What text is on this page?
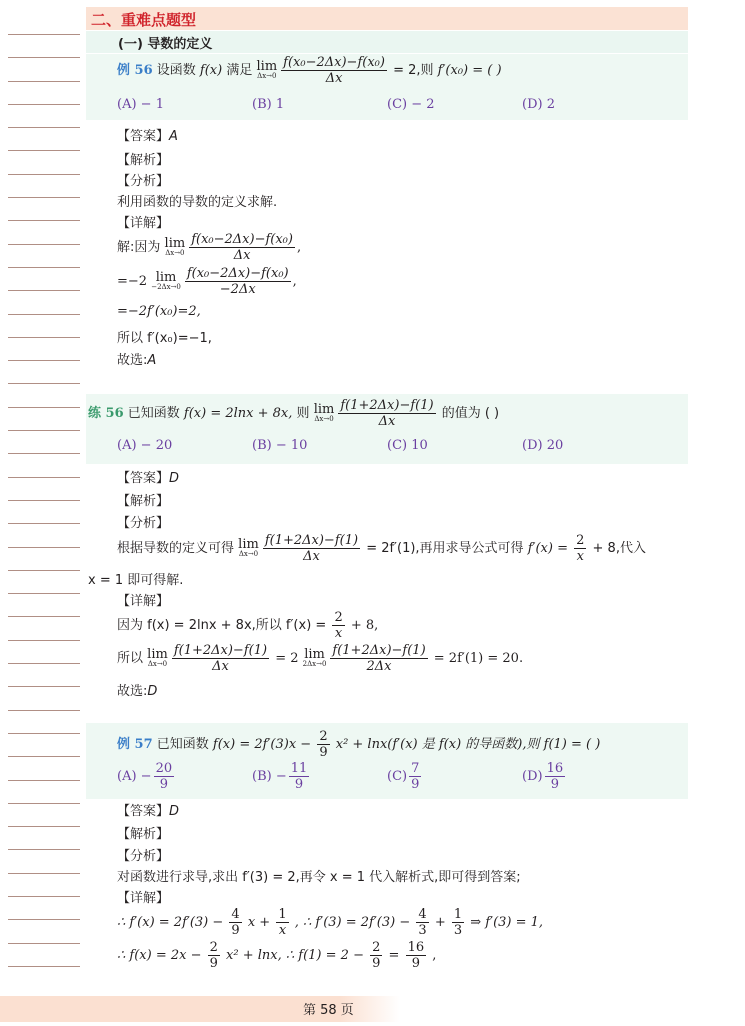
二、重难点题型
(一) 导数的定义
例 56 设函数 f(x) 满足 lim
$\Delta x\to 0 \frac{\text{f(x₀−2Δx)−f(x₀)}}{\Delta x} = 2$,则 f′(x₀) = ( )
(A) − 1	(B) 1	(C) − 2	(D) 2
【答案】A
【解析】
【分析】
利用函数的导数的定义求解.
【详解】
解:因为 lim
$\Delta x\to 0 \frac{\text{f(x₀−2Δx)−f(x₀)}}{\Delta x}$ ,
=−2 lim
$-2\Delta x\to 0 \frac{\text{f(x₀−2Δx)−f(x₀)}}{-2\Delta x}$ ,
=−2f′(x₀)=2,
所以 f′(x₀)=−1,
故选:A
练 56 已知函数 f(x) = 2lnx + 8x, 则 lim
$\Delta x\to 0 \frac{f(1+2\Delta x)-f(1)}{\Delta x}$ 的值为 ( )
(A) − 20	(B) − 10	(C) 10	(D) 20
【答案】D
【解析】
【分析】
根据导数的定义可得 lim
$\Delta x\to 0 \frac{f(1+2\Delta x)-f(1)}{\Delta x} = 2f'(1)$,再用求导公式可得 $f'(x) = \frac{2}{x} + 8$,代入
x = 1 即可得解.
【详解】
因为 f(x) = 2lnx + 8x,所以 $f'(x) = \frac{2}{x} + 8$,
所以 lim
$\Delta x\to 0 \frac{f(1+2\Delta x)-f(1)}{\Delta x} = 2$ lim
$2\Delta x\to 0 \frac{f(1+2\Delta x)-f(1)}{2\Delta x} = 2f'(1) = 20$.
故选:D
例 57 已知函数 $f(x) = 2f'(3)x - \frac{2}{9} x^2 + \ln x(f'(x)$ 是 f(x) 的导函数),则 f(1) = ( )
$(A) - \frac{20}{9}$	$(B) - \frac{11}{9}$	$(C) \frac{7}{9}$	$(D) \frac{16}{9}$
【答案】D
【解析】
【分析】
对函数进行求导,求出 f′(3) = 2,再令 x = 1 代入解析式,即可得到答案;
【详解】
∴ $f'(x) = 2f'(3) - \frac{4}{9}$ $x + \frac{1}{x}$ , ∴ $f'(3) = 2f'(3) - \frac{4}{3} + \frac{1}{3}$ ⇒ f′(3) = 1,
∴ $f(x) = 2x - \frac{2}{9} x^2 + \ln x$, ∴ $f(1) = 2 - \frac{2}{9} = \frac{16}{9}$ ,
第 58 页
